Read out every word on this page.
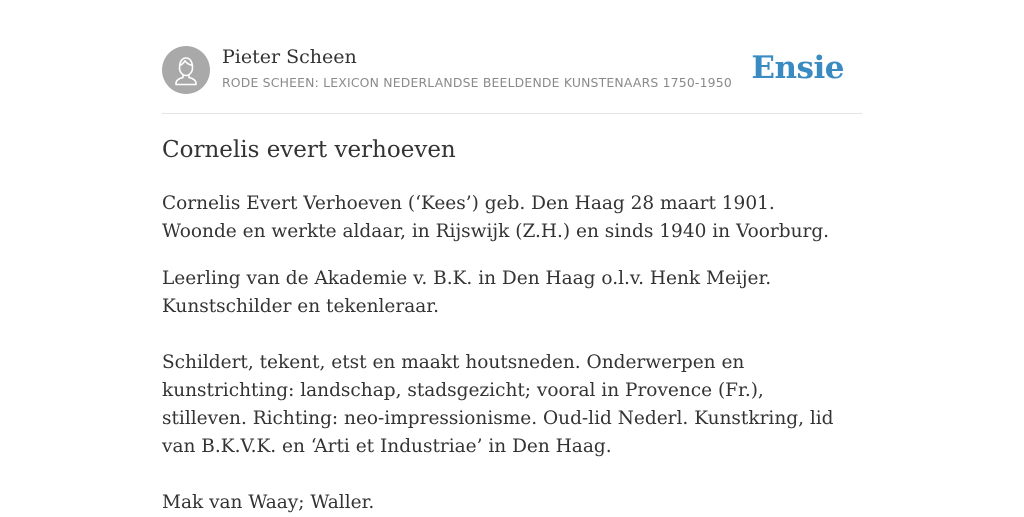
Pieter Scheen
RODE SCHEEN: LEXICON NEDERLANDSE BEELDENDE KUNSTENAARS 1750-1950 Ensie
Cornelis evert verhoeven

Cornelis Evert Verhoeven (‘Kees’) geb. Den Haag 28 maart 1901. Woonde en werkte aldaar, in Rijswijk (Z.H.) en sinds 1940 in Voorburg.

Leerling van de Akademie v. B.K. in Den Haag o.l.v. Henk Meijer. Kunstschilder en tekenleraar.

Schildert, tekent, etst en maakt houtsneden. Onderwerpen en kunstrichting: landschap, stadsgezicht; vooral in Provence (Fr.), stilleven. Richting: neo-impressionisme. Oud-lid Nederl. Kunstkring, lid van B.K.V.K. en ‘Arti et Industriae’ in Den Haag.

Mak van Waay; Waller.
